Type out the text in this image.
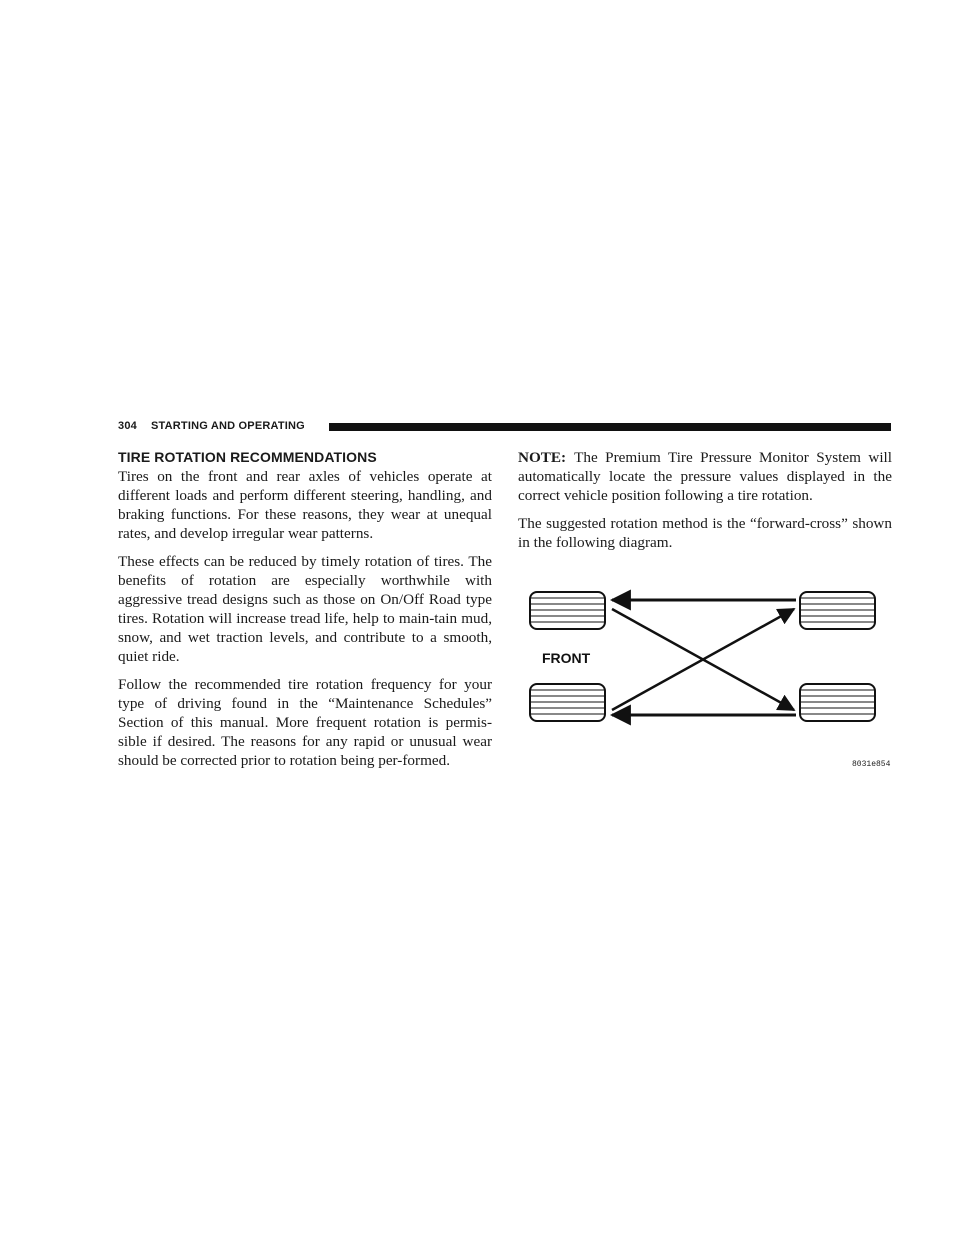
304 STARTING AND OPERATING
TIRE ROTATION RECOMMENDATIONS

Tires on the front and rear axles of vehicles operate at different loads and perform different steering, handling, and braking functions. For these reasons, they wear at unequal rates, and develop irregular wear patterns.

These effects can be reduced by timely rotation of tires. The benefits of rotation are especially worthwhile with aggressive tread designs such as those on On/Off Road type tires. Rotation will increase tread life, help to main-tain mud, snow, and wet traction levels, and contribute to a smooth, quiet ride.

Follow the recommended tire rotation frequency for your type of driving found in the “Maintenance Schedules” Section of this manual. More frequent rotation is permis-sible if desired. The reasons for any rapid or unusual wear should be corrected prior to rotation being per-formed.

NOTE: The Premium Tire Pressure Monitor System will automatically locate the pressure values displayed in the correct vehicle position following a tire rotation.

The suggested rotation method is the “forward-cross” shown in the following diagram.

FRONT
8031e854
